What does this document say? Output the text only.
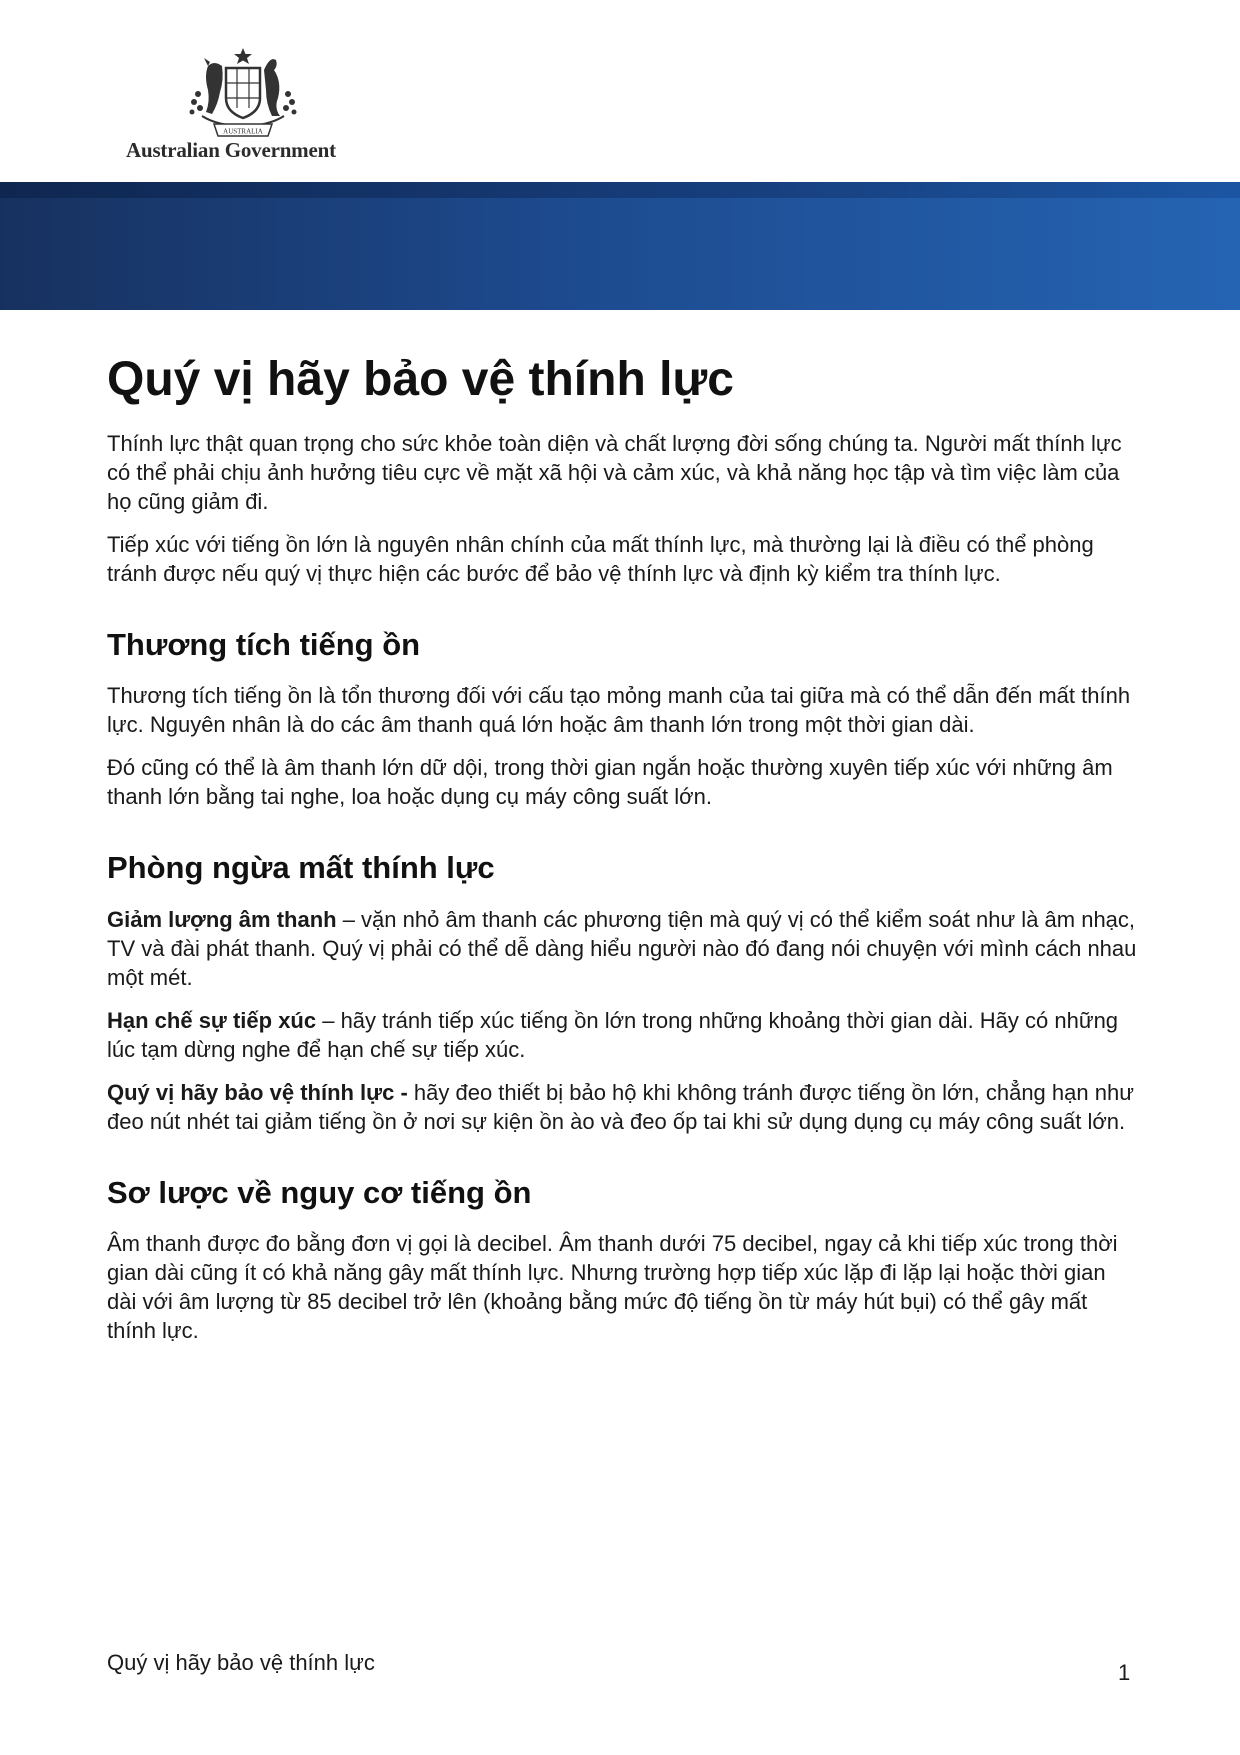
AUSTRALIA
Australian Government
Quý vị hãy bảo vệ thính lực

Thính lực thật quan trọng cho sức khỏe toàn diện và chất lượng đời sống chúng ta. Người mất thính lực có thể phải chịu ảnh hưởng tiêu cực về mặt xã hội và cảm xúc, và khả năng học tập và tìm việc làm của họ cũng giảm đi.

Tiếp xúc với tiếng ồn lớn là nguyên nhân chính của mất thính lực, mà thường lại là điều có thể phòng tránh được nếu quý vị thực hiện các bước để bảo vệ thính lực và định kỳ kiểm tra thính lực.

Thương tích tiếng ồn

Thương tích tiếng ồn là tổn thương đối với cấu tạo mỏng manh của tai giữa mà có thể dẫn đến mất thính lực. Nguyên nhân là do các âm thanh quá lớn hoặc âm thanh lớn trong một thời gian dài.

Đó cũng có thể là âm thanh lớn dữ dội, trong thời gian ngắn hoặc thường xuyên tiếp xúc với những âm thanh lớn bằng tai nghe, loa hoặc dụng cụ máy công suất lớn.

Phòng ngừa mất thính lực

Giảm lượng âm thanh – vặn nhỏ âm thanh các phương tiện mà quý vị có thể kiểm soát như là âm nhạc, TV và đài phát thanh. Quý vị phải có thể dễ dàng hiểu người nào đó đang nói chuyện với mình cách nhau một mét.

Hạn chế sự tiếp xúc – hãy tránh tiếp xúc tiếng ồn lớn trong những khoảng thời gian dài. Hãy có những lúc tạm dừng nghe để hạn chế sự tiếp xúc.

Quý vị hãy bảo vệ thính lực - hãy đeo thiết bị bảo hộ khi không tránh được tiếng ồn lớn, chẳng hạn như đeo nút nhét tai giảm tiếng ồn ở nơi sự kiện ồn ào và đeo ốp tai khi sử dụng dụng cụ máy công suất lớn.

Sơ lược về nguy cơ tiếng ồn

Âm thanh được đo bằng đơn vị gọi là decibel. Âm thanh dưới 75 decibel, ngay cả khi tiếp xúc trong thời gian dài cũng ít có khả năng gây mất thính lực. Nhưng trường hợp tiếp xúc lặp đi lặp lại hoặc thời gian dài với âm lượng từ 85 decibel trở lên (khoảng bằng mức độ tiếng ồn từ máy hút bụi) có thể gây mất thính lực.

Quý vị hãy bảo vệ thính lực	1
